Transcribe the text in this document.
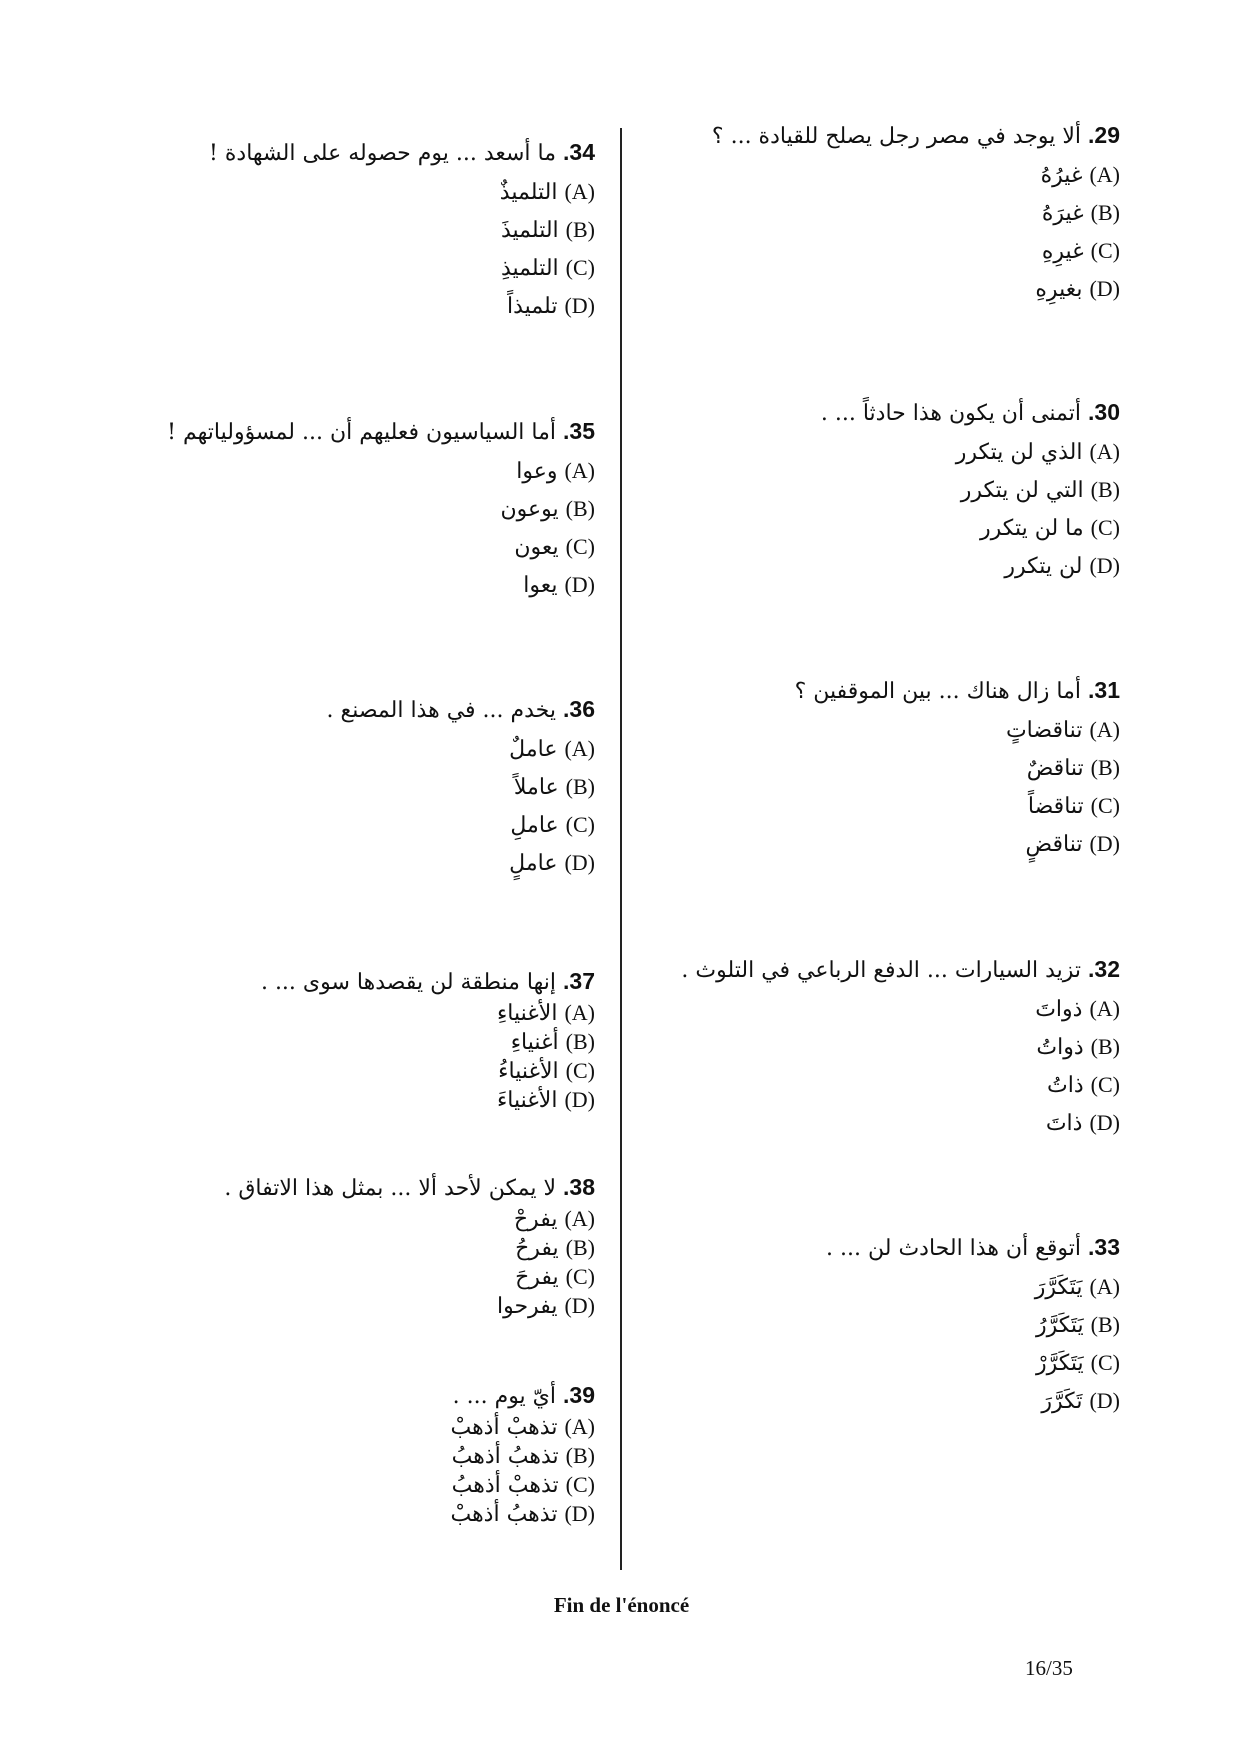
29. ألا يوجد في مصر رجل يصلح للقيادة ... ؟
(A) غيرُهُ
(B) غيرَهُ
(C) غيرِهِ
(D) بغيرِهِ
30. أتمنى أن يكون هذا حادثاً ... .
(A) الذي لن يتكرر
(B) التي لن يتكرر
(C) ما لن يتكرر
(D) لن يتكرر
31. أما زال هناك ... بين الموقفين ؟
(A) تناقضاتٍ
(B) تناقضٌ
(C) تناقضاً
(D) تناقضٍ
32. تزيد السيارات ... الدفع الرباعي في التلوث .
(A) ذواتَ
(B) ذواتُ
(C) ذاتُ
(D) ذاتَ
33. أتوقع أن هذا الحادث لن ... .
(A) يَتَكَرَّرَ
(B) يَتَكَرَّرُ
(C) يَتَكَرَّرْ
(D) تَكَرَّرَ
34. ما أسعد ... يوم حصوله على الشهادة !
(A) التلميذٌ
(B) التلميذَ
(C) التلميذِ
(D) تلميذاً
35. أما السياسيون فعليهم أن ... لمسؤولياتهم !
(A) وعوا
(B) يوعون
(C) يعون
(D) يعوا
36. يخدم ... في هذا المصنع .
(A) عاملٌ
(B) عاملاً
(C) عاملِ
(D) عاملٍ
37. إنها منطقة لن يقصدها سوى ... .
(A) الأغنياءِ
(B) أغنياءِ
(C) الأغنياءُ
(D) الأغنياءَ
38. لا يمكن لأحد ألا ... بمثل هذا الاتفاق .
(A) يفرحْ
(B) يفرحُ
(C) يفرحَ
(D) يفرحوا
39. أيّ يوم ... .
(A) تذهبْ أذهبْ
(B) تذهبُ أذهبُ
(C) تذهبْ أذهبُ
(D) تذهبُ أذهبْ
Fin de l'énoncé
16/35
